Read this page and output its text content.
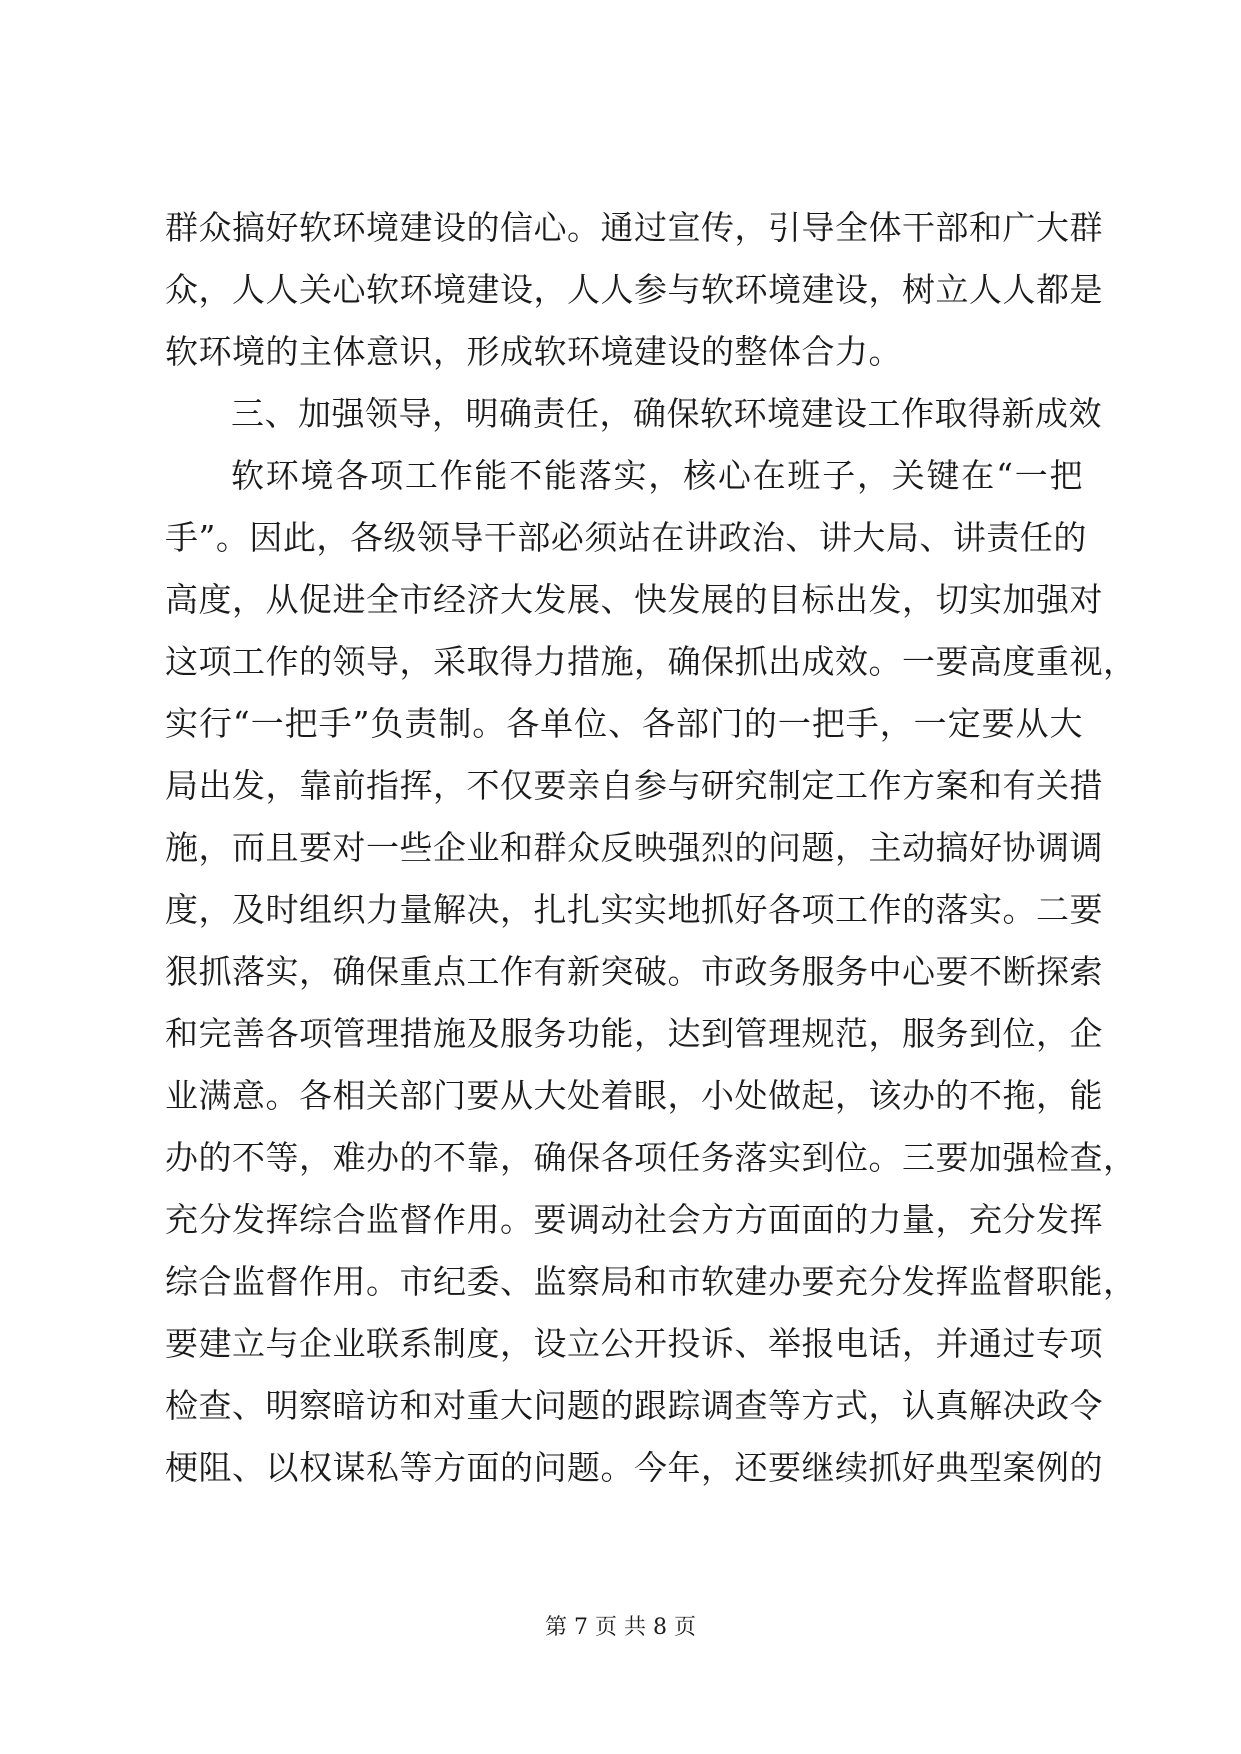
群众搞好软环境建设的信心。通过宣传，引导全体干部和广大群
众，人人关心软环境建设，人人参与软环境建设，树立人人都是
软环境的主体意识，形成软环境建设的整体合力。
三、加强领导，明确责任，确保软环境建设工作取得新成效
软环境各项工作能不能落实，核心在班子，关键在“一把
手”。因此，各级领导干部必须站在讲政治、讲大局、讲责任的
高度，从促进全市经济大发展、快发展的目标出发，切实加强对
这项工作的领导，采取得力措施，确保抓出成效。一要高度重视，
实行“一把手”负责制。各单位、各部门的一把手，一定要从大
局出发，靠前指挥，不仅要亲自参与研究制定工作方案和有关措
施，而且要对一些企业和群众反映强烈的问题，主动搞好协调调
度，及时组织力量解决，扎扎实实地抓好各项工作的落实。二要
狠抓落实，确保重点工作有新突破。市政务服务中心要不断探索
和完善各项管理措施及服务功能，达到管理规范，服务到位，企
业满意。各相关部门要从大处着眼，小处做起，该办的不拖，能
办的不等，难办的不靠，确保各项任务落实到位。三要加强检查，
充分发挥综合监督作用。要调动社会方方面面的力量，充分发挥
综合监督作用。市纪委、监察局和市软建办要充分发挥监督职能，
要建立与企业联系制度，设立公开投诉、举报电话，并通过专项
检查、明察暗访和对重大问题的跟踪调查等方式，认真解决政令
梗阻、以权谋私等方面的问题。今年，还要继续抓好典型案例的
第 7 页 共 8 页
